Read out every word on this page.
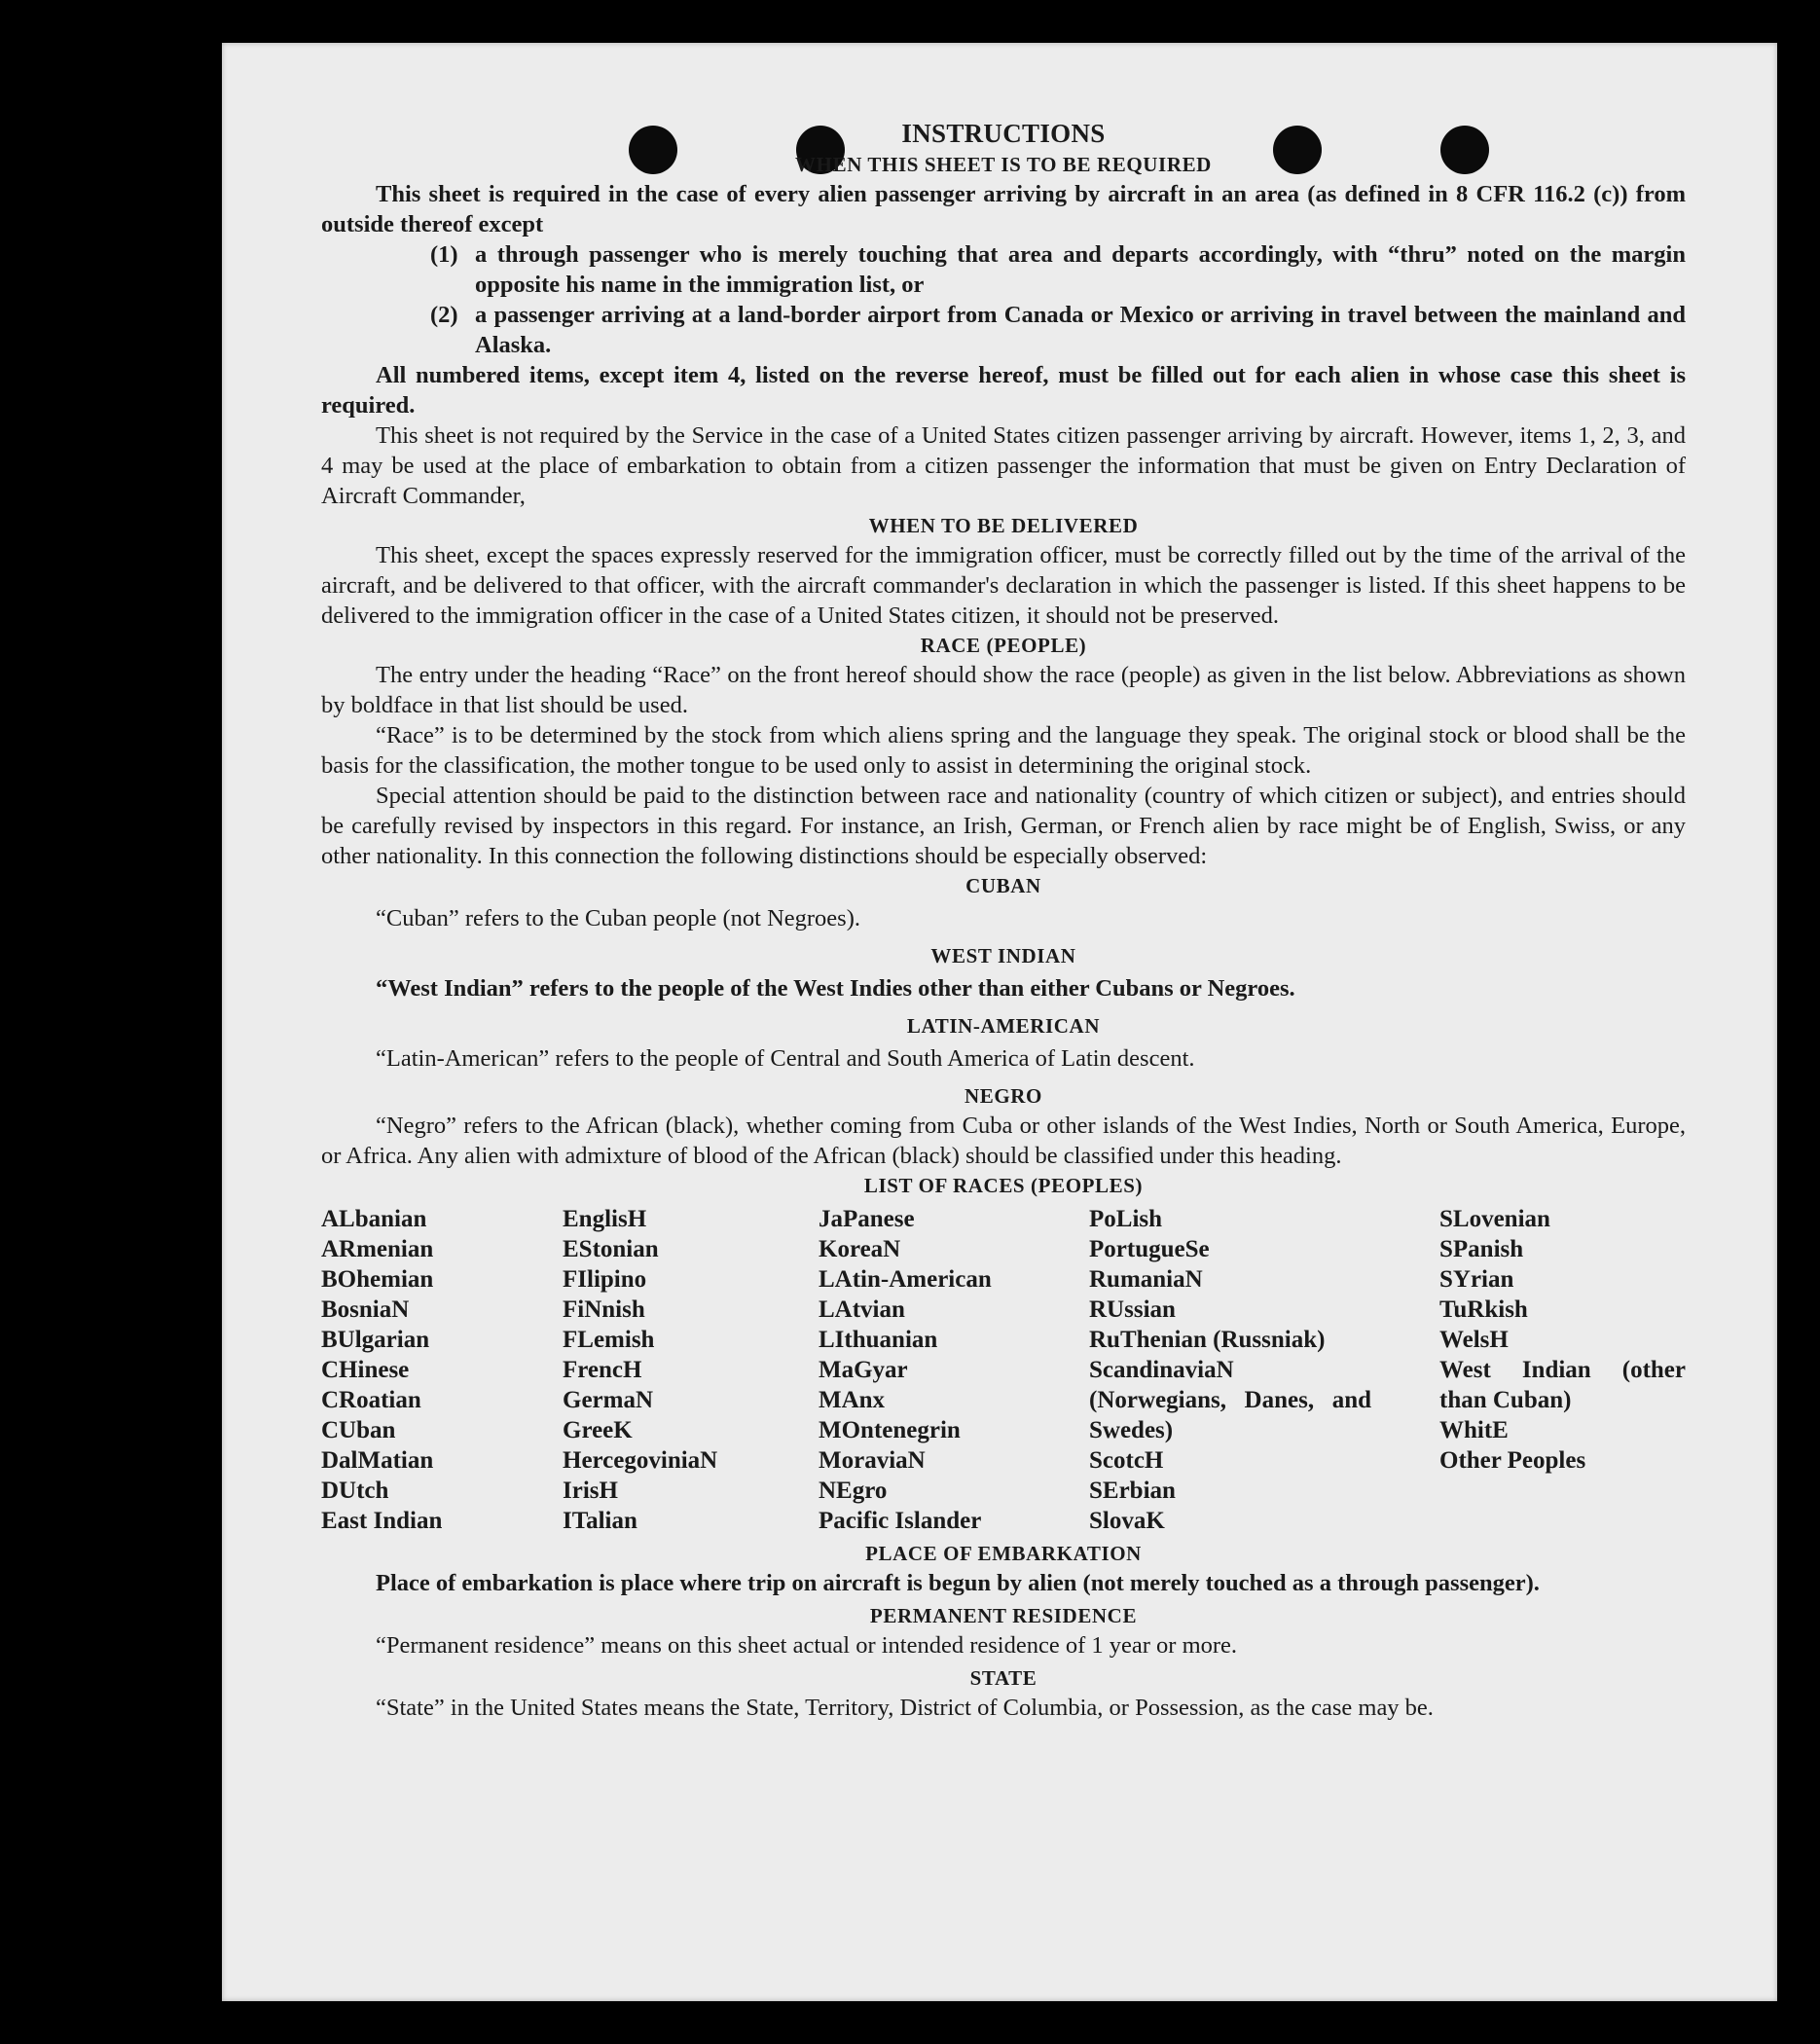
INSTRUCTIONS
WHEN THIS SHEET IS TO BE REQUIRED

This sheet is required in the case of every alien passenger arriving by aircraft in an area (as defined in 8 CFR 116.2 (c)) from outside thereof except

(1) a through passenger who is merely touching that area and departs accordingly, with “thru” noted on the margin opposite his name in the immigration list, or
(2) a passenger arriving at a land-border airport from Canada or Mexico or arriving in travel between the mainland and Alaska.

All numbered items, except item 4, listed on the reverse hereof, must be filled out for each alien in whose case this sheet is required.

This sheet is not required by the Service in the case of a United States citizen passenger arriving by aircraft. However, items 1, 2, 3, and 4 may be used at the place of embarkation to obtain from a citizen passenger the information that must be given on Entry Declaration of Aircraft Commander,

WHEN TO BE DELIVERED

This sheet, except the spaces expressly reserved for the immigration officer, must be correctly filled out by the time of the arrival of the aircraft, and be delivered to that officer, with the aircraft commander's declaration in which the passenger is listed. If this sheet happens to be delivered to the immigration officer in the case of a United States citizen, it should not be preserved.

RACE (PEOPLE)

The entry under the heading “Race” on the front hereof should show the race (people) as given in the list below. Abbreviations as shown by boldface in that list should be used.

“Race” is to be determined by the stock from which aliens spring and the language they speak. The original stock or blood shall be the basis for the classification, the mother tongue to be used only to assist in determining the original stock.

Special attention should be paid to the distinction between race and nationality (country of which citizen or subject), and entries should be carefully revised by inspectors in this regard. For instance, an Irish, German, or French alien by race might be of English, Swiss, or any other nationality. In this connection the following distinctions should be especially observed:

CUBAN

“Cuban” refers to the Cuban people (not Negroes).

WEST INDIAN

“West Indian” refers to the people of the West Indies other than either Cubans or Negroes.

LATIN-AMERICAN

“Latin-American” refers to the people of Central and South America of Latin descent.

NEGRO

“Negro” refers to the African (black), whether coming from Cuba or other islands of the West Indies, North or South America, Europe, or Africa. Any alien with admixture of blood of the African (black) should be classified under this heading.

LIST OF RACES (PEOPLES)
ALbanian
ARmenian
BOhemian
BosniaN
BUlgarian
CHinese
CRoatian
CUban
DalMatian
DUtch
East Indian
EnglisH
EStonian
FIlipino
FiNnish
FLemish
FrencH
GermaN
GreeK
HercegoviniaN
IrisH
ITalian
JaPanese
KoreaN
LAtin-American
LAtvian
LIthuanian
MaGyar
MAnx
MOntenegrin
MoraviaN
NEgro
Pacific Islander
PoLish
PortugueSe
RumaniaN
RUssian
RuThenian (Russniak)
ScandinaviaN (Norwegians, Danes, and Swedes)
ScotcH
SErbian
SlovaK
SLovenian
SPanish
SYrian
TuRkish
WelsH
West Indian (other than Cuban)
WhitE
Other Peoples
PLACE OF EMBARKATION

Place of embarkation is place where trip on aircraft is begun by alien (not merely touched as a through passenger).

PERMANENT RESIDENCE

“Permanent residence” means on this sheet actual or intended residence of 1 year or more.

STATE

“State” in the United States means the State, Territory, District of Columbia, or Possession, as the case may be.
